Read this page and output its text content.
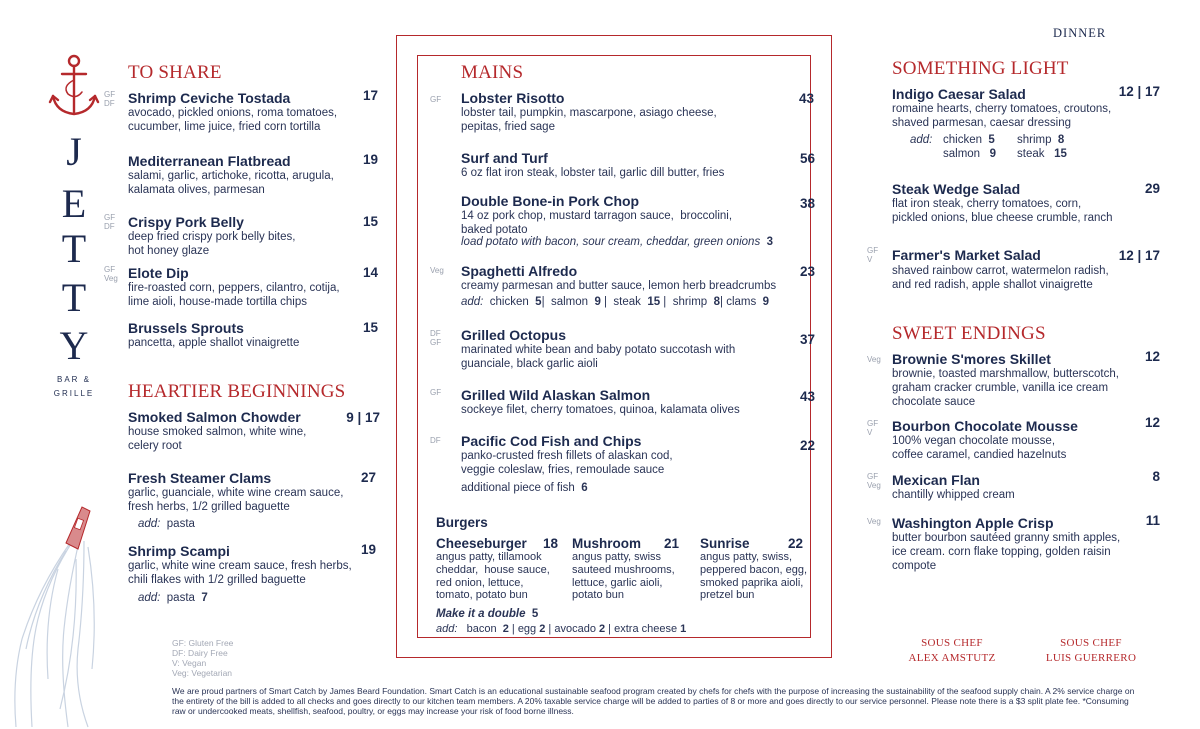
DINNER
J
E
T
T
Y
BAR &
GRILLE
TO SHARE
GF
DF Shrimp Ceviche Tostada	17
avocado, pickled onions, roma tomatoes,
cucumber, lime juice, fried corn tortilla
Mediterranean Flatbread	19
salami, garlic, artichoke, ricotta, arugula,
kalamata olives, parmesan
GF
DF Crispy Pork Belly	15
deep fried crispy pork belly bites,
hot honey glaze
GF
Veg Elote Dip	14
fire-roasted corn, peppers, cilantro, cotija,
lime aioli, house-made tortilla chips
Brussels Sprouts	15
pancetta, apple shallot vinaigrette
HEARTIER BEGINNINGS
Smoked Salmon Chowder	9 | 17
house smoked salmon, white wine,
celery root
Fresh Steamer Clams	27
garlic, guanciale, white wine cream sauce,
fresh herbs, 1/2 grilled baguette
add: pasta
Shrimp Scampi	19
garlic, white wine cream sauce, fresh herbs,
chili flakes with 1/2 grilled baguette
add: pasta 7
GF: Gluten Free
DF: Dairy Free
V: Vegan
Veg: Vegetarian
MAINS
GF Lobster Risotto	43
lobster tail, pumpkin, mascarpone, asiago cheese,
pepitas, fried sage
Surf and Turf	56
6 oz flat iron steak, lobster tail, garlic dill butter, fries
Double Bone-in Pork Chop	38
14 oz pork chop, mustard tarragon sauce,  broccolini,
baked potato
load potato with bacon, sour cream, cheddar, green onions 3
Veg Spaghetti Alfredo	23
creamy parmesan and butter sauce, lemon herb breadcrumbs
add: chicken 5|  salmon 9 |  steak 15 |  shrimp 8| clams 9
DF
GF Grilled Octopus	37
marinated white bean and baby potato succotash with
guanciale, black garlic aioli
GF Grilled Wild Alaskan Salmon	43
sockeye filet, cherry tomatoes, quinoa, kalamata olives
DF Pacific Cod Fish and Chips	22
panko-crusted fresh fillets of alaskan cod,
veggie coleslaw, fries, remoulade sauce
additional piece of fish 6
Burgers
Cheeseburger 18
angus patty, tillamook
cheddar,  house sauce,
red onion, lettuce,
tomato, potato bun
Mushroom 21
angus patty, swiss
sauteed mushrooms,
lettuce, garlic aioli,
potato bun
Sunrise	22
angus patty, swiss,
peppered bacon, egg,
smoked paprika aioli,
pretzel bun
Make it a double 5
add: bacon 2 | egg 2 | avocado 2 | extra cheese 1
SOMETHING LIGHT
Indigo Caesar Salad	12 | 17
romaine hearts, cherry tomatoes, croutons,
shaved parmesan, caesar dressing
add: chicken 5 shrimp 8
salmon 9 steak 15
Steak Wedge Salad	29
flat iron steak, cherry tomatoes, corn,
pickled onions, blue cheese crumble, ranch
GF
V	Farmer's Market Salad	12 | 17
shaved rainbow carrot, watermelon radish,
and red radish, apple shallot vinaigrette
SWEET ENDINGS
Veg Brownie S'mores Skillet	12
brownie, toasted marshmallow, butterscotch,
graham cracker crumble, vanilla ice cream
chocolate sauce
GF
V	Bourbon Chocolate Mousse	12
100% vegan chocolate mousse,
coffee caramel, candied hazelnuts
GF
Veg Mexican Flan	8
chantilly whipped cream
Veg Washington Apple Crisp	11
butter bourbon sautéed granny smith apples,
ice cream. corn flake topping, golden raisin
compote
SOUS CHEF
ALEX AMSTUTZ
SOUS CHEF
LUIS GUERRERO
We are proud partners of Smart Catch by James Beard Foundation. Smart Catch is an educational sustainable seafood program created by chefs for chefs with the purpose of increasing the sustainability of the seafood supply chain. A 2% service charge on the entirety of the bill is added to all checks and goes directly to our kitchen team members. A 20% taxable service charge will be added to parties of 8 or more and goes directly to our service personnel. Please note there is a $3 split plate fee. *Consuming raw or undercooked meats, shellfish, seafood, poultry, or eggs may increase your risk of food borne illness.
